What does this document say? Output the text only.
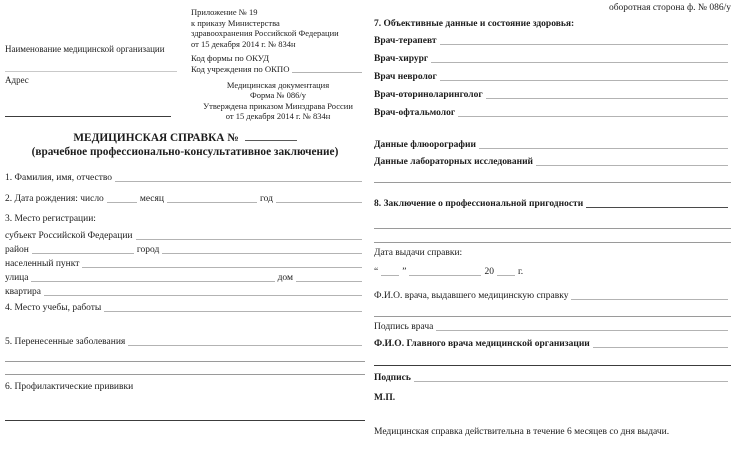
Наименование медицинской организации
Адрес
Приложение № 19
к приказу Министерства
здравоохранения Российской Федерации
от 15 декабря 2014 г. № 834н
Код формы по ОКУД
Код учреждения по ОКПО
Медицинская документация
Форма № 086/у
Утверждена приказом Минздрава России
от 15 декабря 2014 г. № 834н
МЕДИЦИНСКАЯ СПРАВКА №
(врачебное профессионально-консультативное заключение)
1. Фамилия, имя, отчество
2. Дата рождения: число	месяц	год
3. Место регистрации:
субъект Российской Федерации
район	город
населенный пункт
улица	дом
квартира
4. Место учебы, работы
5. Перенесенные заболевания
6. Профилактические прививки
оборотная сторона ф. № 086/у
7. Объективные данные и состояние здоровья:
Врач-терапевт
Врач-хирург
Врач невролог
Врач-оториноларинголог
Врач-офтальмолог
Данные флюорографии
Данные лабораторных исследований
8. Заключение о профессиональной пригодности
Дата выдачи справки:
“	”	20	г.
Ф.И.О. врача, выдавшего медицинскую справку
Подпись врача
Ф.И.О. Главного врача медицинской организации
Подпись
М.П.
Медицинская справка действительна в течение 6 месяцев со дня выдачи.
